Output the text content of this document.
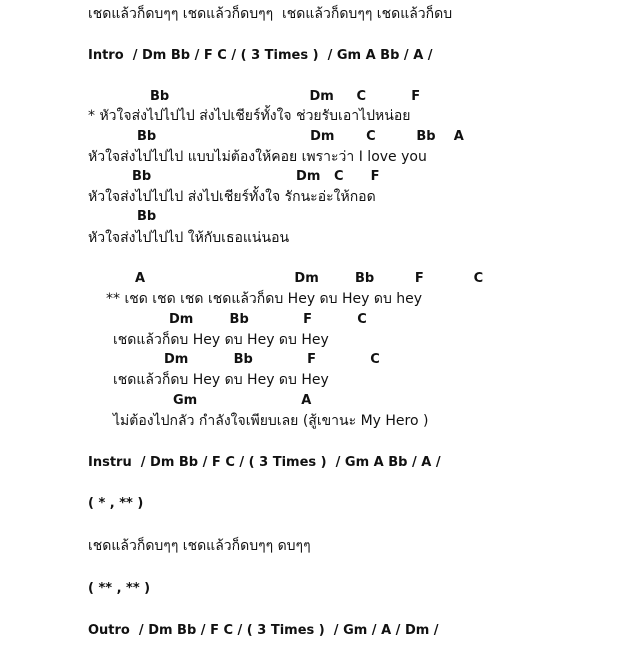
เชดแล้วก็ดบๆๆ เชดแล้วก็ดบๆๆ  เชดแล้วก็ดบๆๆ เชดแล้วก็ดบ
Intro  / Dm Bb / F C / ( 3 Times )  / Gm A Bb / A /
Bb                               Dm     C          F
* หัวใจส่งไปไปไป ส่งไปเชียร์ทั้งใจ ช่วยรับเอาไปหน่อย
Bb                                  Dm       C         Bb    A
หัวใจส่งไปไปไป แบบไม่ต้องให้คอย เพราะว่า I love you
Bb                                Dm   C      F
หัวใจส่งไปไปไป ส่งไปเชียร์ทั้งใจ รักนะอ่ะให้กอด
Bb
หัวใจส่งไปไปไป ให้กับเธอแน่นอน
A                                 Dm        Bb         F           C
** เชด เชด เชด เชดแล้วก็ดบ Hey ดบ Hey ดบ hey
Dm        Bb            F          C
เชดแล้วก็ดบ Hey ดบ Hey ดบ Hey
Dm          Bb            F            C
เชดแล้วก็ดบ Hey ดบ Hey ดบ Hey
Gm                       A
ไม่ต้องไปกลัว กำลังใจเพียบเลย (สู้เขานะ My Hero )
Instru  / Dm Bb / F C / ( 3 Times )  / Gm A Bb / A /
( * , ** )
เชดแล้วก็ดบๆๆ เชดแล้วก็ดบๆๆ ดบๆๆ
( ** , ** )
Outro  / Dm Bb / F C / ( 3 Times )  / Gm / A / Dm /
